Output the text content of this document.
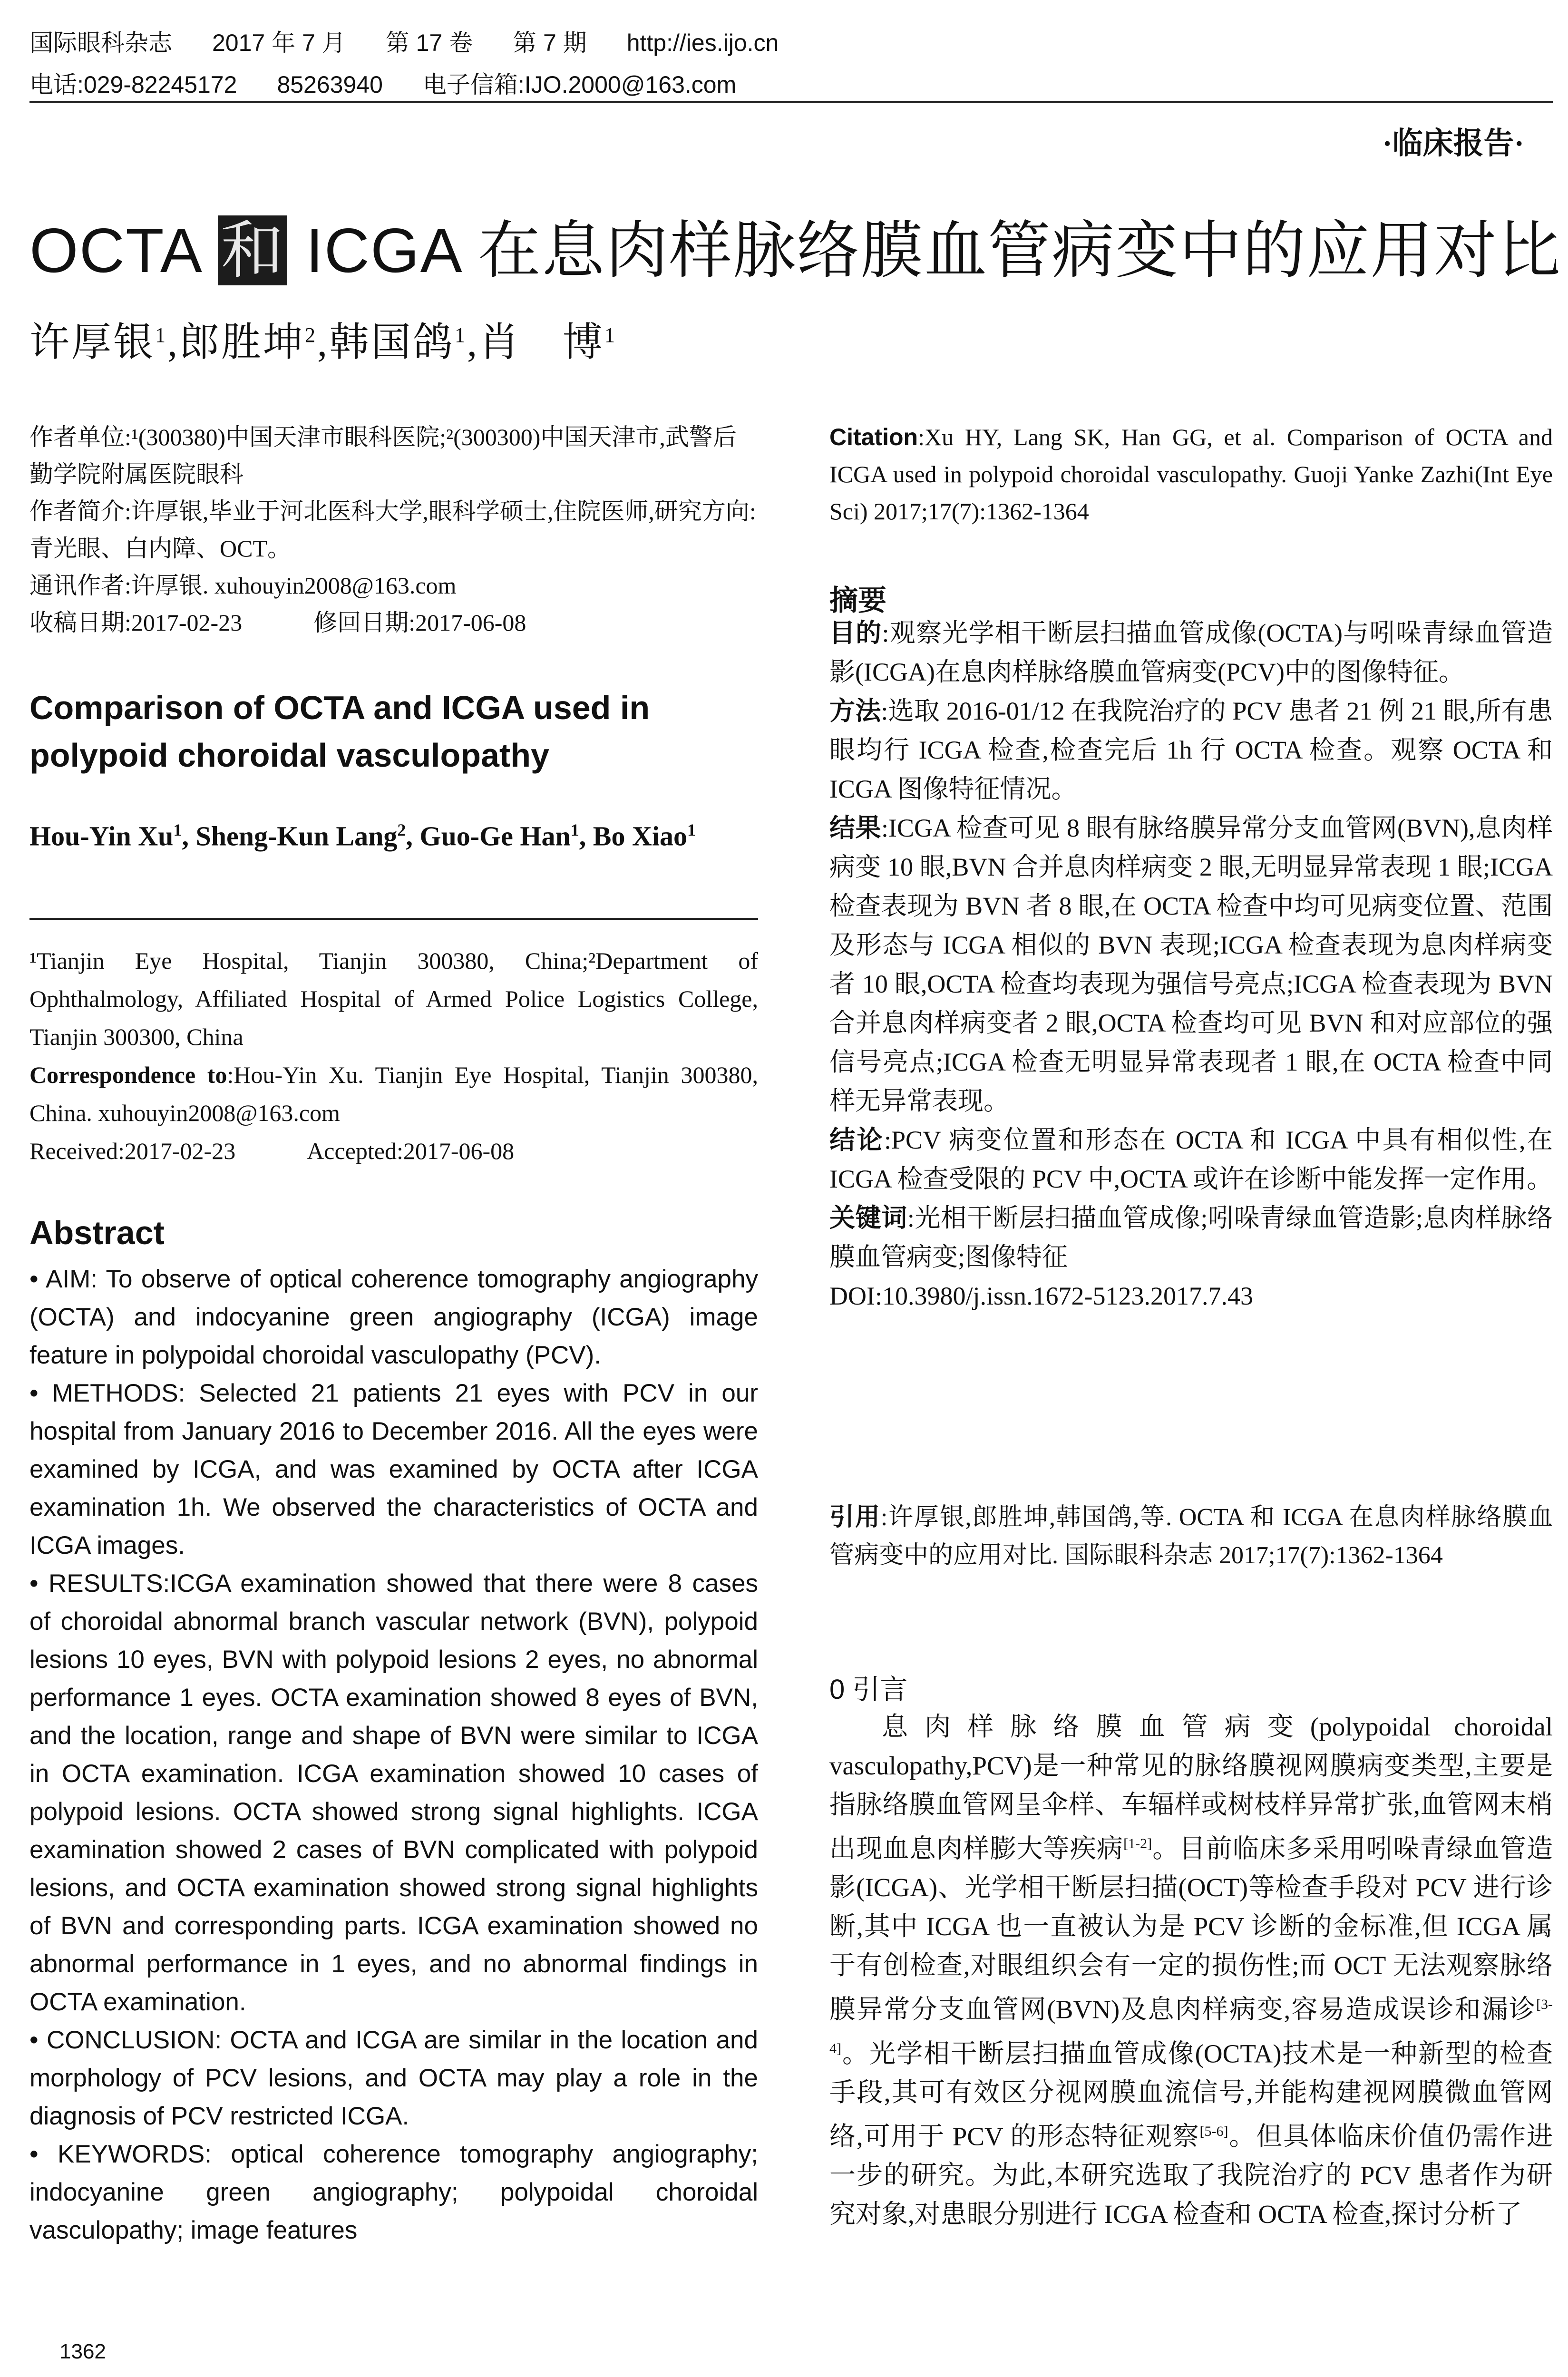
国际眼科杂志 2017 年 7 月 第 17 卷 第 7 期 http://ies.ijo.cn
电话:029-82245172 85263940 电子信箱:IJO.2000@163.com
·临床报告·
OCTA 和 ICGA 在息肉样脉络膜血管病变中的应用对比
许厚银$^1$,郎胜坤$^2$,韩国鸽$^1$,肖　博$^1$

作者单位:¹(300380)中国天津市眼科医院;²(300300)中国天津市,武警后勤学院附属医院眼科

作者简介:许厚银,毕业于河北医科大学,眼科学硕士,住院医师,研究方向:青光眼、白内障、OCT。

通讯作者:许厚银. xuhouyin2008@163.com

收稿日期:2017-02-23　　　修回日期:2017-06-08

Comparison of OCTA and ICGA used in polypoid choroidal vasculopathy
Hou-Yin Xu$^1$, Sheng-Kun Lang$^2$, Guo-Ge Han$^1$, Bo Xiao$^1$

¹Tianjin Eye Hospital, Tianjin 300380, China;²Department of Ophthalmology, Affiliated Hospital of Armed Police Logistics College, Tianjin 300300, China

Correspondence to:Hou-Yin Xu. Tianjin Eye Hospital, Tianjin 300380, China. xuhouyin2008@163.com

Received:2017-02-23　　　Accepted:2017-06-08

Abstract

• AIM: To observe of optical coherence tomography angiography (OCTA) and indocyanine green angiography (ICGA) image feature in polypoidal choroidal vasculopathy (PCV).

• METHODS: Selected 21 patients 21 eyes with PCV in our hospital from January 2016 to December 2016. All the eyes were examined by ICGA, and was examined by OCTA after ICGA examination 1h. We observed the characteristics of OCTA and ICGA images.

• RESULTS:ICGA examination showed that there were 8 cases of choroidal abnormal branch vascular network (BVN), polypoid lesions 10 eyes, BVN with polypoid lesions 2 eyes, no abnormal performance 1 eyes. OCTA examination showed 8 eyes of BVN, and the location, range and shape of BVN were similar to ICGA in OCTA examination. ICGA examination showed 10 cases of polypoid lesions. OCTA showed strong signal highlights. ICGA examination showed 2 cases of BVN complicated with polypoid lesions, and OCTA examination showed strong signal highlights of BVN and corresponding parts. ICGA examination showed no abnormal performance in 1 eyes, and no abnormal findings in OCTA examination.

• CONCLUSION: OCTA and ICGA are similar in the location and morphology of PCV lesions, and OCTA may play a role in the diagnosis of PCV restricted ICGA.

• KEYWORDS: optical coherence tomography angiography; indocyanine green angiography; polypoidal choroidal vasculopathy; image features

1362
Citation:Xu HY, Lang SK, Han GG, et al. Comparison of OCTA and ICGA used in polypoid choroidal vasculopathy. Guoji Yanke Zazhi(Int Eye Sci) 2017;17(7):1362-1364
摘要

目的:观察光学相干断层扫描血管成像(OCTA)与吲哚青绿血管造影(ICGA)在息肉样脉络膜血管病变(PCV)中的图像特征。

方法:选取 2016-01/12 在我院治疗的 PCV 患者 21 例 21 眼,所有患眼均行 ICGA 检查,检查完后 1h 行 OCTA 检查。观察 OCTA 和 ICGA 图像特征情况。

结果:ICGA 检查可见 8 眼有脉络膜异常分支血管网(BVN),息肉样病变 10 眼,BVN 合并息肉样病变 2 眼,无明显异常表现 1 眼;ICGA 检查表现为 BVN 者 8 眼,在 OCTA 检查中均可见病变位置、范围及形态与 ICGA 相似的 BVN 表现;ICGA 检查表现为息肉样病变者 10 眼,OCTA 检查均表现为强信号亮点;ICGA 检查表现为 BVN 合并息肉样病变者 2 眼,OCTA 检查均可见 BVN 和对应部位的强信号亮点;ICGA 检查无明显异常表现者 1 眼,在 OCTA 检查中同样无异常表现。

结论:PCV 病变位置和形态在 OCTA 和 ICGA 中具有相似性,在 ICGA 检查受限的 PCV 中,OCTA 或许在诊断中能发挥一定作用。

关键词:光相干断层扫描血管成像;吲哚青绿血管造影;息肉样脉络膜血管病变;图像特征

DOI:10.3980/j.issn.1672-5123.2017.7.43

引用:许厚银,郎胜坤,韩国鸽,等. OCTA 和 ICGA 在息肉样脉络膜血管病变中的应用对比. 国际眼科杂志 2017;17(7):1362-1364
0 引言
息肉样脉络膜血管病变(polypoidal choroidal vasculopathy,PCV)是一种常见的脉络膜视网膜病变类型,主要是指脉络膜血管网呈伞样、车辐样或树枝样异常扩张,血管网末梢出现血息肉样膨大等疾病[1-2]。目前临床多采用吲哚青绿血管造影(ICGA)、光学相干断层扫描(OCT)等检查手段对 PCV 进行诊断,其中 ICGA 也一直被认为是 PCV 诊断的金标准,但 ICGA 属于有创检查,对眼组织会有一定的损伤性;而 OCT 无法观察脉络膜异常分支血管网(BVN)及息肉样病变,容易造成误诊和漏诊[3-4]。光学相干断层扫描血管成像(OCTA)技术是一种新型的检查手段,其可有效区分视网膜血流信号,并能构建视网膜微血管网络,可用于 PCV 的形态特征观察[5-6]。但具体临床价值仍需作进一步的研究。为此,本研究选取了我院治疗的 PCV 患者作为研究对象,对患眼分别进行 ICGA 检查和 OCTA 检查,探讨分析了
